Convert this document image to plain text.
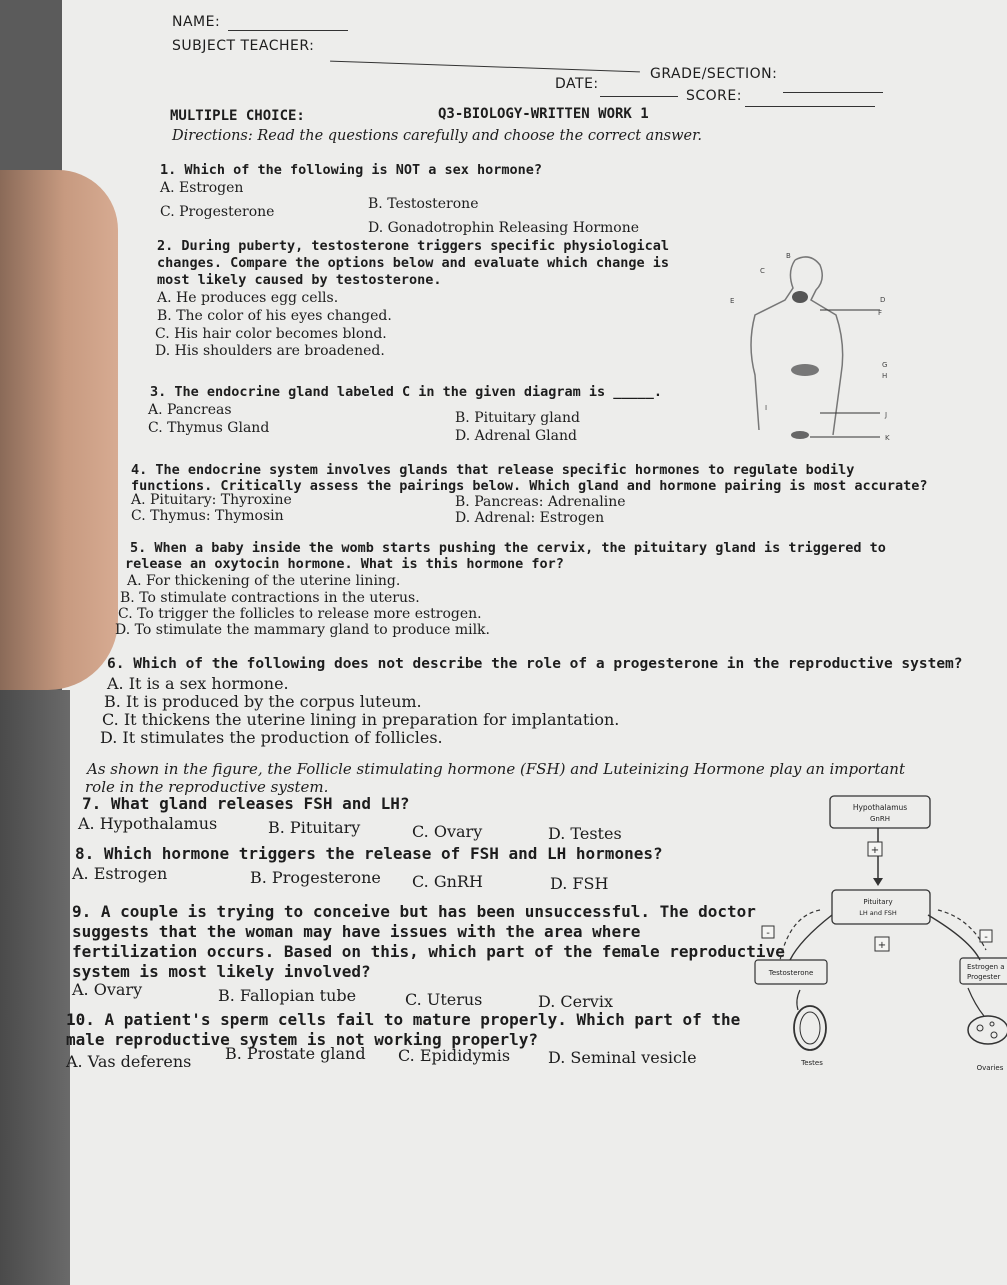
NAME:
SUBJECT TEACHER:
DATE:
GRADE/SECTION:
SCORE:
Q3-BIOLOGY-WRITTEN WORK 1
MULTIPLE CHOICE:
Directions: Read the questions carefully and choose the correct answer.
1. Which of the following is NOT a sex hormone?
A. Estrogen
B. Testosterone
C. Progesterone
D. Gonadotrophin Releasing Hormone
2. During puberty, testosterone triggers specific physiological
changes. Compare the options below and evaluate which change is
most likely caused by testosterone.
A. He produces egg cells.
B. The color of his eyes changed.
C. His hair color becomes blond.
D. His shoulders are broadened.
3. The endocrine gland labeled C in the given diagram is _____.
A. Pancreas	B. Pituitary gland
C. Thymus Gland	D. Adrenal Gland
B
C
E	D
F
G
H
I
J
K
4. The endocrine system involves glands that release specific hormones to regulate bodily
functions. Critically assess the pairings below. Which gland and hormone pairing is most accurate?
A. Pituitary: Thyroxine	B. Pancreas: Adrenaline
C. Thymus: Thymosin	D. Adrenal: Estrogen
5. When a baby inside the womb starts pushing the cervix, the pituitary gland is triggered to
release an oxytocin hormone. What is this hormone for?
A. For thickening of the uterine lining.
B. To stimulate contractions in the uterus.
C. To trigger the follicles to release more estrogen.
D. To stimulate the mammary gland to produce milk.
6. Which of the following does not describe the role of a progesterone in the reproductive system?
A. It is a sex hormone.
B. It is produced by the corpus luteum.
C. It thickens the uterine lining in preparation for implantation.
D. It stimulates the production of follicles.
As shown in the figure, the Follicle stimulating hormone (FSH) and Luteinizing Hormone play an important
role in the reproductive system.
7. What gland releases FSH and LH?
A. Hypothalamus	B. Pituitary	C. Ovary	D. Testes
8. Which hormone triggers the release of FSH and LH hormones?
A. Estrogen	B. Progesterone C. GnRH	D. FSH
9. A couple is trying to conceive but has been unsuccessful. The doctor
suggests that the woman may have issues with the area where
fertilization occurs. Based on this, which part of the female reproductive
system is most likely involved?
A. Ovary	B. Fallopian tube	C. Uterus	D. Cervix
10. A patient's sperm cells fail to mature properly. Which part of the
male reproductive system is not working properly?
A. Vas deferens B. Prostate gland C. Epididymis D. Seminal vesicle
Hypothalamus
GnRH
+
Pituitary
LH and FSH
-
+
-
Testosterone
Estrogen a
Progester
Testes
Ovaries
